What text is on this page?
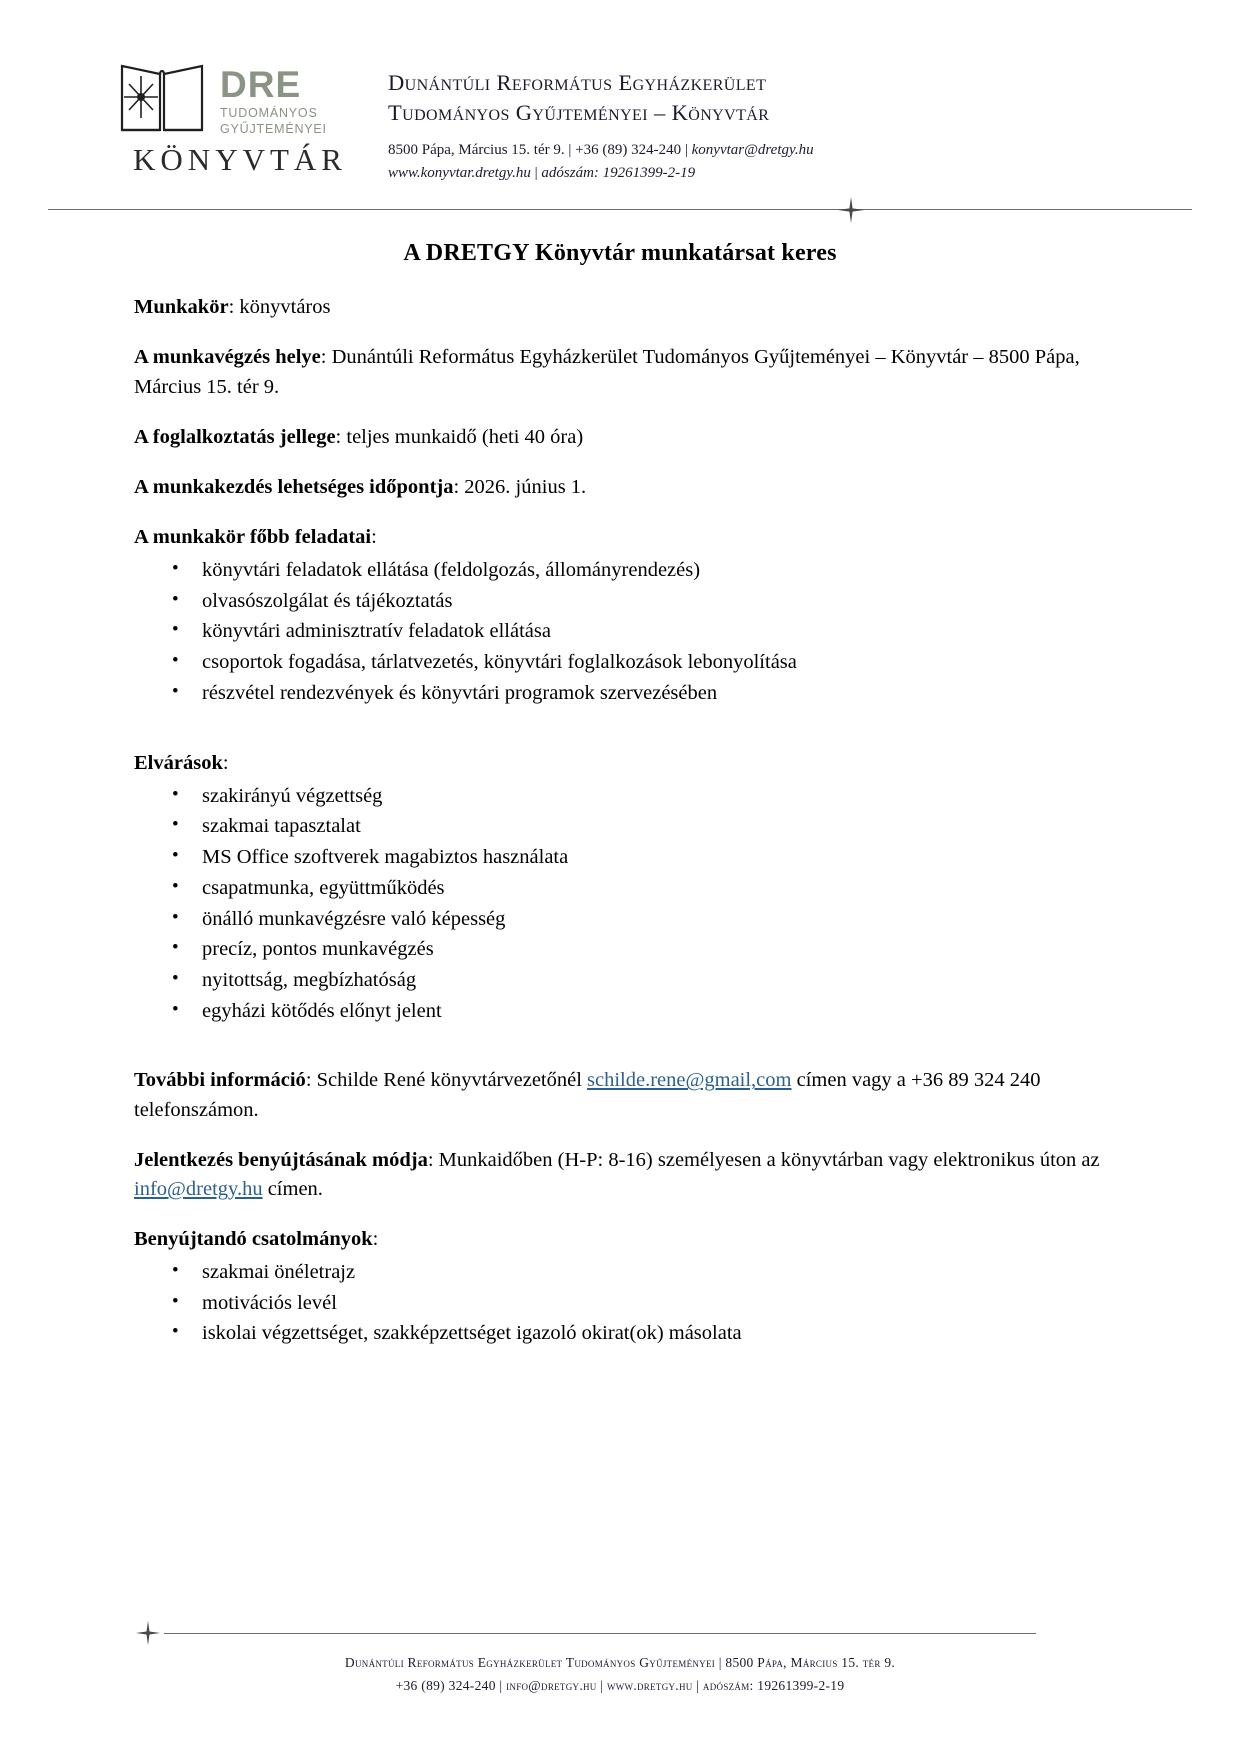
DRE
TUDOMÁNYOS
GYŰJTEMÉNYEI
KÖNYVTÁR
Dunántúli Református Egyházkerület
Tudományos Gyűjteményei – Könyvtár
8500 Pápa, Március 15. tér 9. | +36 (89) 324-240 | konyvtar@dretgy.hu
www.konyvtar.dretgy.hu | adószám: 19261399-2-19
A DRETGY Könyvtár munkatársat keres

Munkakör: könyvtáros

A munkavégzés helye: Dunántúli Református Egyházkerület Tudományos Gyűjteményei – Könyvtár – 8500 Pápa, Március 15. tér 9.

A foglalkoztatás jellege: teljes munkaidő (heti 40 óra)

A munkakezdés lehetséges időpontja: 2026. június 1.

A munkakör főbb feladatai:

• könyvtári feladatok ellátása (feldolgozás, állományrendezés)
• olvasószolgálat és tájékoztatás
• könyvtári adminisztratív feladatok ellátása
• csoportok fogadása, tárlatvezetés, könyvtári foglalkozások lebonyolítása
• részvétel rendezvények és könyvtári programok szervezésében

Elvárások:

• szakirányú végzettség
• szakmai tapasztalat
• MS Office szoftverek magabiztos használata
• csapatmunka, együttműködés
• önálló munkavégzésre való képesség
• precíz, pontos munkavégzés
• nyitottság, megbízhatóság
• egyházi kötődés előnyt jelent

További információ: Schilde René könyvtárvezetőnél schilde.rene@gmail,com címen vagy a +36 89 324 240 telefonszámon.

Jelentkezés benyújtásának módja: Munkaidőben (H-P: 8-16) személyesen a könyvtárban vagy elektronikus úton az info@dretgy.hu címen.

Benyújtandó csatolmányok:

• szakmai önéletrajz
• motivációs levél
• iskolai végzettséget, szakképzettséget igazoló okirat(ok) másolata
Dunántúli Református Egyházkerület Tudományos Gyűjteményei | 8500 Pápa, Március 15. tér 9.
+36 (89) 324-240 | info@dretgy.hu | www.dretgy.hu | adószám: 19261399-2-19
